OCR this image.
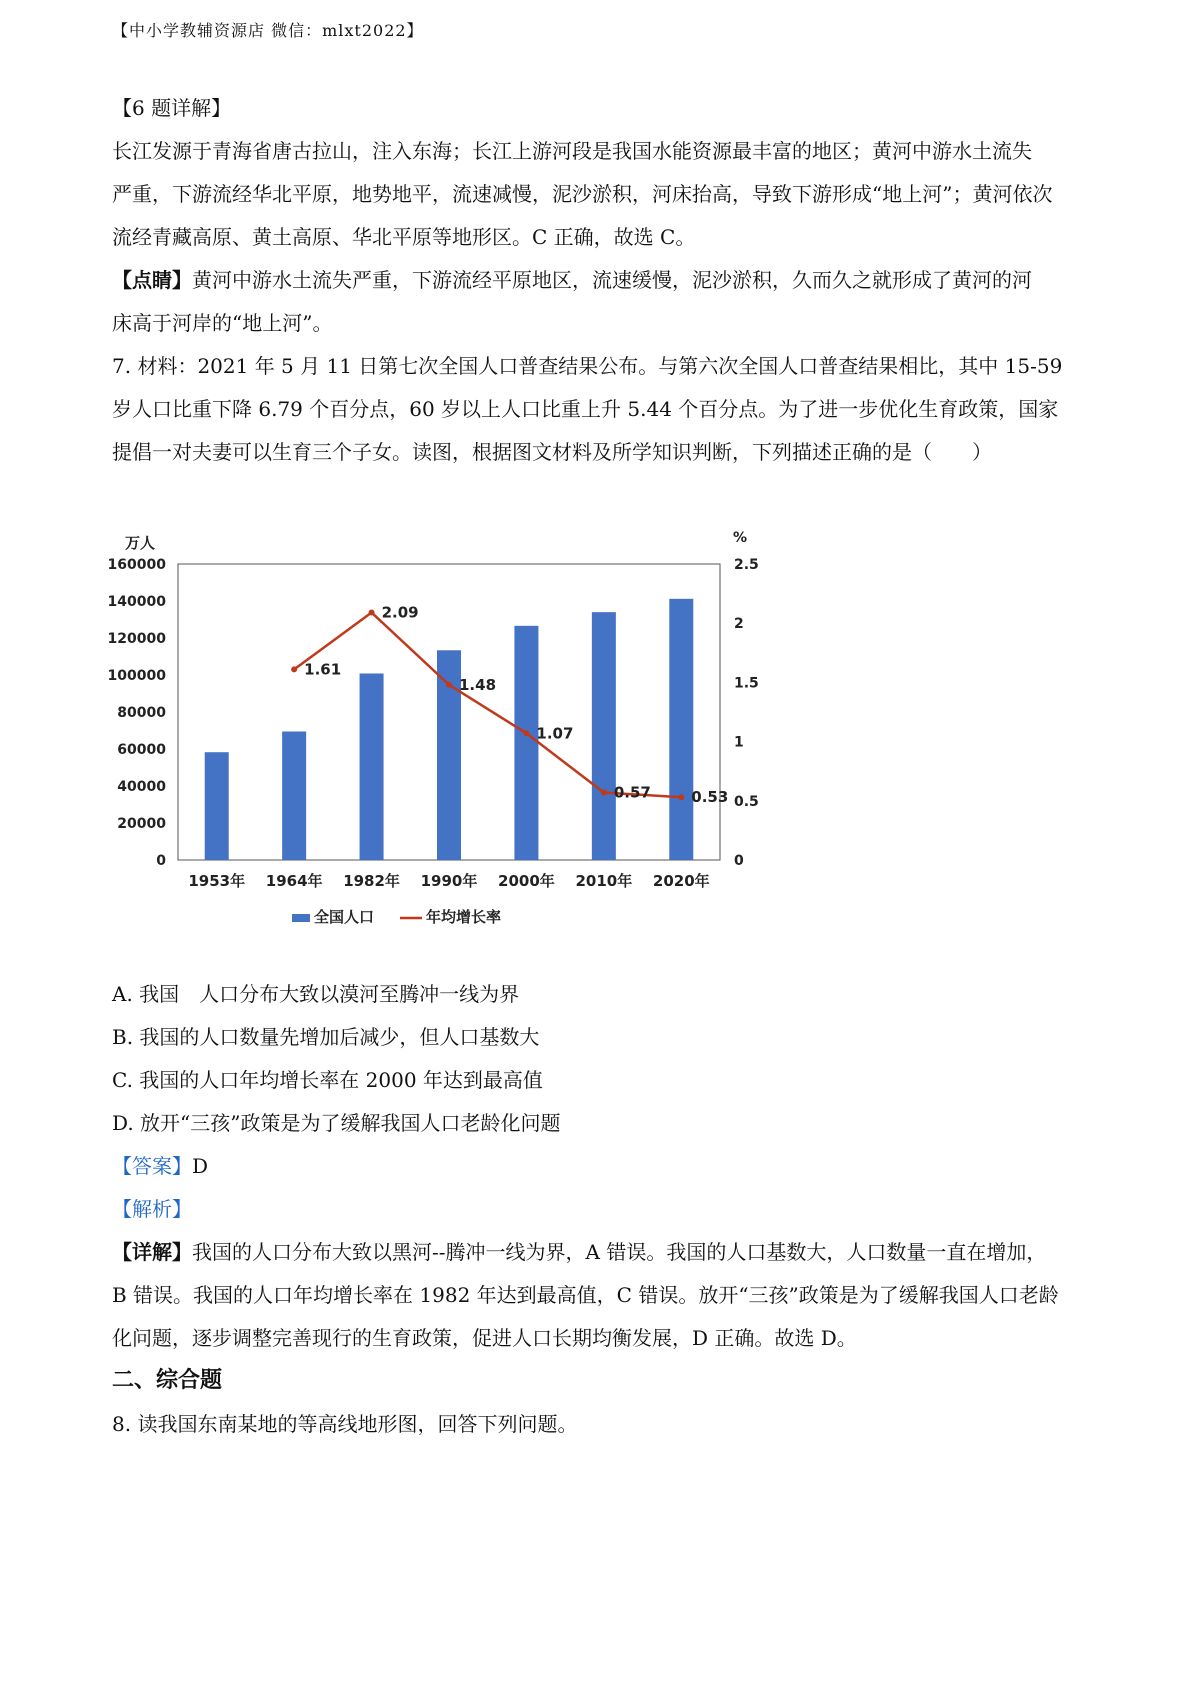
【中小学教辅资源店 微信：mlxt2022】
【6 题详解】
长江发源于青海省唐古拉山，注入东海；长江上游河段是我国水能资源最丰富的地区；黄河中游水土流失
严重，下游流经华北平原，地势地平，流速减慢，泥沙淤积，河床抬高，导致下游形成“地上河”；黄河依次
流经青藏高原、黄土高原、华北平原等地形区。C 正确，故选 C。
【点睛】黄河中游水土流失严重，下游流经平原地区，流速缓慢，泥沙淤积，久而久之就形成了黄河的河
床高于河岸的“地上河”。
7. 材料：2021 年 5 月 11 日第七次全国人口普查结果公布。与第六次全国人口普查结果相比，其中 15-59
岁人口比重下降 6.79 个百分点，60 岁以上人口比重上升 5.44 个百分点。为了进一步优化生育政策，国家
提倡一对夫妻可以生育三个子女。读图，根据图文材料及所学知识判断，下列描述正确的是（　　）
0
20000
40000
60000
80000
100000
120000
140000
160000
万人
0
0.5
1
1.5
2
2.5
%
1953年 1964年 1982年 1990年 2000年 2010年 2020年
1.61
2.09
1.48
1.07
0.57	0.53
全国人口	年均增长率
A. 我国　人口分布大致以漠河至腾冲一线为界
B. 我国的人口数量先增加后减少，但人口基数大
C. 我国的人口年均增长率在 2000 年达到最高值
D. 放开“三孩”政策是为了缓解我国人口老龄化问题
【答案】D
【解析】
【详解】我国的人口分布大致以黑河--腾冲一线为界，A 错误。我国的人口基数大，人口数量一直在增加，
B 错误。我国的人口年均增长率在 1982 年达到最高值，C 错误。放开“三孩”政策是为了缓解我国人口老龄
化问题，逐步调整完善现行的生育政策，促进人口长期均衡发展，D 正确。故选 D。
二、综合题
8. 读我国东南某地的等高线地形图，回答下列问题。
